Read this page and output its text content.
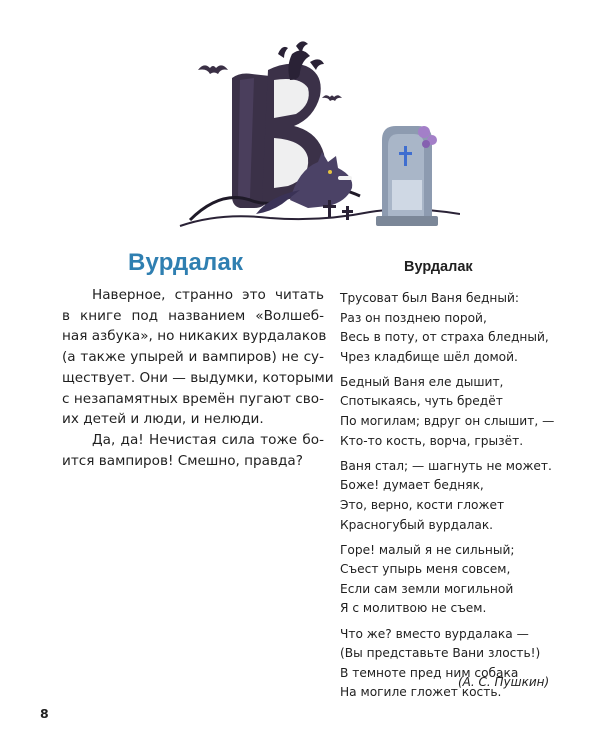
Вурдалак
Наверное, странно это читать
в книге под названием «Волшеб-
ная азбука», но никаких вурдалаков
(а также упырей и вампиров) не су-
ществует. Они — выдумки, которыми
с незапамятных времён пугают сво-
их детей и люди, и нелюди.
Да, да! Нечистая сила тоже бо-
ится вампиров! Смешно, правда?
Вурдалак
Трусоват был Ваня бедный:
Раз он позднею порой,
Весь в поту, от страха бледный,
Чрез кладбище шёл домой.
Бедный Ваня еле дышит,
Спотыкаясь, чуть бредёт
По могилам; вдруг он слышит, —
Кто-то кость, ворча, грызёт.
Ваня стал; — шагнуть не может.
Боже! думает бедняк,
Это, верно, кости гложет
Красногубый вурдалак.
Горе! малый я не сильный;
Съест упырь меня совсем,
Если сам земли могильной
Я с молитвою не съем.
Что же? вместо вурдалака —
(Вы представьте Вани злость!)
В темноте пред ним собака
На могиле гложет кость.
(А. С. Пушкин)
8
